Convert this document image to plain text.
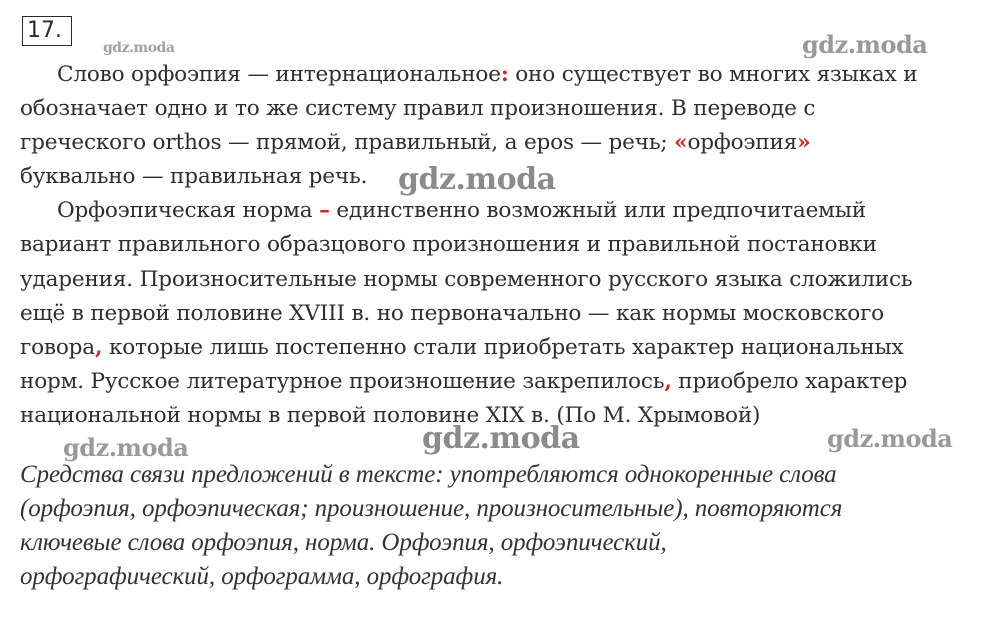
17.

Слово орфоэпия — интернациональное: оно существует во многих языках и
обозначает одно и то же систему правил произношения. В переводе с
греческого orthos — прямой, правильный, а epos — речь; «орфоэпия»
буквально — правильная речь.

Орфоэпическая норма – единственно возможный или предпочитаемый
вариант правильного образцового произношения и правильной постановки
ударения. Произносительные нормы современного русского языка сложились
ещё в первой половине XVIII в. но первоначально — как нормы московского
говора, которые лишь постепенно стали приобретать характер национальных
норм. Русское литературное произношение закрепилось, приобрело характер
национальной нормы в первой половине XIX в. (По М. Хрымовой)

Средства связи предложений в тексте: употребляются однокоренные слова
(орфоэпия, орфоэпическая; произношение, произносительные), повторяются
ключевые слова орфоэпия, норма. Орфоэпия, орфоэпический,
орфографический, орфограмма, орфография.
gdz.moda	gdz.moda
gdz.moda
gdz.moda	gdz.moda	gdz.moda
